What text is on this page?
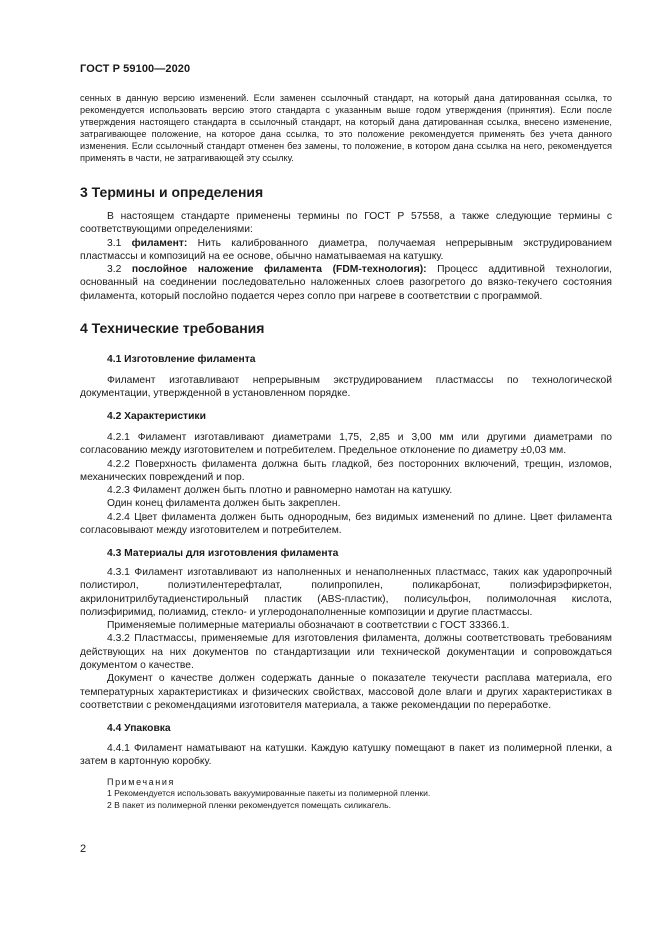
ГОСТ Р 59100—2020

сенных в данную версию изменений. Если заменен ссылочный стандарт, на который дана датированная ссылка, то рекомендуется использовать версию этого стандарта с указанным выше годом утверждения (принятия). Если после утверждения настоящего стандарта в ссылочный стандарт, на который дана датированная ссылка, внесено изменение, затрагивающее положение, на которое дана ссылка, то это положение рекомендуется применять без учета данного изменения. Если ссылочный стандарт отменен без замены, то положение, в котором дана ссылка на него, рекомендуется применять в части, не затрагивающей эту ссылку.

3 Термины и определения

В настоящем стандарте применены термины по ГОСТ Р 57558, а также следующие термины с соответствующими определениями:

3.1 филамент: Нить калиброванного диаметра, получаемая непрерывным экструдированием пластмассы и композиций на ее основе, обычно наматываемая на катушку.

3.2 послойное наложение филамента (FDM-технология): Процесс аддитивной технологии, основанный на соединении последовательно наложенных слоев разогретого до вязко-текучего состояния филамента, который послойно подается через сопло при нагреве в соответствии с программой.

4 Технические требования
4.1 Изготовление филамента

Филамент изготавливают непрерывным экструдированием пластмассы по технологической документации, утвержденной в установленном порядке.

4.2 Характеристики

4.2.1 Филамент изготавливают диаметрами 1,75, 2,85 и 3,00 мм или другими диаметрами по согласованию между изготовителем и потребителем. Предельное отклонение по диаметру ±0,03 мм.

4.2.2 Поверхность филамента должна быть гладкой, без посторонних включений, трещин, изломов, механических повреждений и пор.

4.2.3 Филамент должен быть плотно и равномерно намотан на катушку.

Один конец филамента должен быть закреплен.

4.2.4 Цвет филамента должен быть однородным, без видимых изменений по длине. Цвет филамента согласовывают между изготовителем и потребителем.

4.3 Материалы для изготовления филамента

4.3.1 Филамент изготавливают из наполненных и ненаполненных пластмасс, таких как ударопрочный полистирол, полиэтилентерефталат, полипропилен, поликарбонат, полиэфирэфиркетон, акрилонитрилбутадиенстирольный пластик (ABS-пластик), полисульфон, полимолочная кислота, полиэфиримид, полиамид, стекло- и углеродонаполненные композиции и другие пластмассы.

Применяемые полимерные материалы обозначают в соответствии с ГОСТ 33366.1.

4.3.2 Пластмассы, применяемые для изготовления филамента, должны соответствовать требованиям действующих на них документов по стандартизации или технической документации и сопровождаться документом о качестве.

Документ о качестве должен содержать данные о показателе текучести расплава материала, его температурных характеристиках и физических свойствах, массовой доле влаги и других характеристиках в соответствии с рекомендациями изготовителя материала, а также рекомендации по переработке.

4.4 Упаковка

4.4.1 Филамент наматывают на катушки. Каждую катушку помещают в пакет из полимерной пленки, а затем в картонную коробку.

Примечания

1 Рекомендуется использовать вакуумированные пакеты из полимерной пленки.

2 В пакет из полимерной пленки рекомендуется помещать силикагель.

2
